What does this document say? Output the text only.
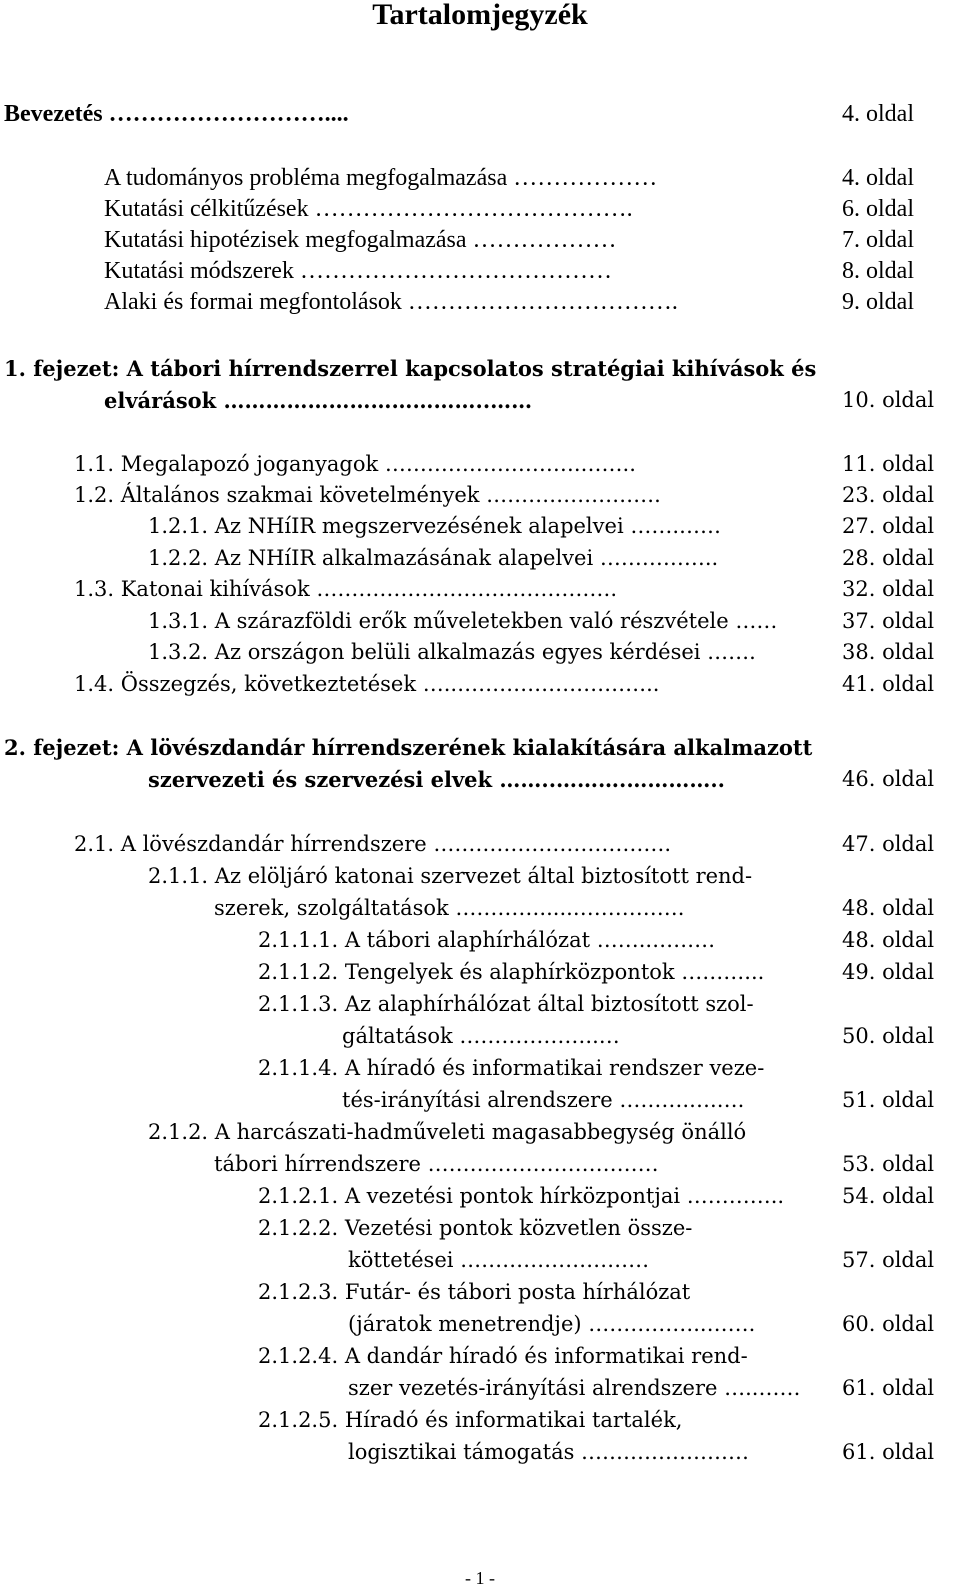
Tartalomjegyzék
Bevezetés ………………………....	4. oldal
A tudományos probléma megfogalmazása ………………	4. oldal
Kutatási célkitűzések ………………………………….	6. oldal
Kutatási hipotézisek megfogalmazása ………………	7. oldal
Kutatási módszerek …………………………………	8. oldal
Alaki és formai megfontolások …………………………….	9. oldal
1. fejezet: A tábori hírrendszerrel kapcsolatos stratégiai kihívások és
elvárások ………………………………..……	10. oldal
1.1. Megalapozó joganyagok ……………………….……..	11. oldal
1.2. Általános szakmai követelmények …………………….	23. oldal
1.2.1. Az NHíIR megszervezésének alapelvei …….……	27. oldal
1.2.2. Az NHíIR alkalmazásának alapelvei ……………..	28. oldal
1.3. Katonai kihívások …………………………………….	32. oldal
1.3.1. A szárazföldi erők műveletekben való részvétele ……	37. oldal
1.3.2. Az országon belüli alkalmazás egyes kérdései …….	38. oldal
1.4. Összegzés, következtetések …..………………………..	41. oldal
2. fejezet: A lövészdandár hírrendszerének kialakítására alkalmazott
szervezeti és szervezési elvek ……..……….…………..	46. oldal
2.1. A lövészdandár hírrendszere …………………………….	47. oldal
2.1.1. Az elöljáró katonai szervezet által biztosított rend-
szerek, szolgáltatások ………….....…………….	48. oldal
2.1.1.1. A tábori alaphírhálózat ……..………	48. oldal
2.1.1.2. Tengelyek és alaphírközpontok ………...	49. oldal
2.1.1.3. Az alaphírhálózat által biztosított szol-
gáltatások ………………..…	50. oldal
2.1.1.4. A híradó és informatikai rendszer veze-
tés-irányítási alrendszere ……….….….	51. oldal
2.1.2. A harcászati-hadműveleti magasabbegység önálló
tábori hírrendszere ……………………………	53. oldal
2.1.2.1. A vezetési pontok hírközpontjai …………..	54. oldal
2.1.2.2. Vezetési pontok közvetlen össze-
köttetései ………………………	57. oldal
2.1.2.3. Futár- és tábori posta hírhálózat
(járatok menetrendje) ……………..…….	60. oldal
2.1.2.4. A dandár híradó és informatikai rend-
szer vezetés-irányítási alrendszere …..…… 61. oldal
2.1.2.5. Híradó és informatikai tartalék,
logisztikai támogatás ……………………	61. oldal
- 1 -
